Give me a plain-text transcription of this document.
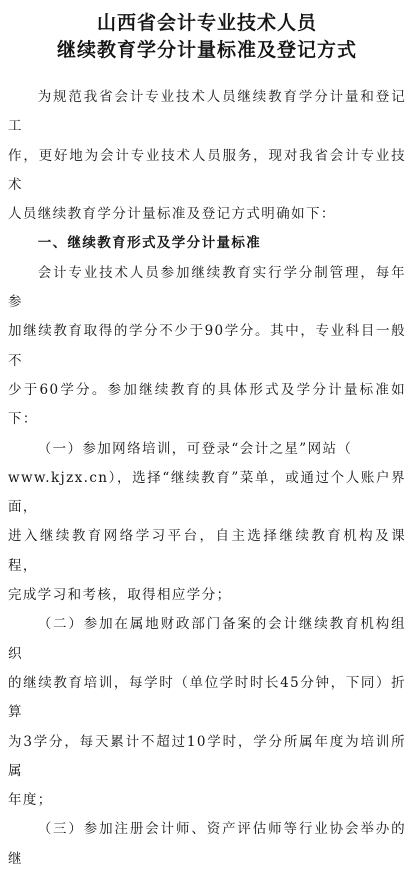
山西省会计专业技术人员
继续教育学分计量标准及登记方式

为规范我省会计专业技术人员继续教育学分计量和登记工

作，更好地为会计专业技术人员服务，现对我省会计专业技术

人员继续教育学分计量标准及登记方式明确如下：

一、继续教育形式及学分计量标准

会计专业技术人员参加继续教育实行学分制管理，每年参

加继续教育取得的学分不少于90学分。其中，专业科目一般不

少于60学分。参加继续教育的具体形式及学分计量标准如下：

（一）参加网络培训，可登录“会计之星”网站（

www.kjzx.cn），选择“继续教育”菜单，或通过个人账户界面，

进入继续教育网络学习平台，自主选择继续教育机构及课程，

完成学习和考核，取得相应学分；

（二）参加在属地财政部门备案的会计继续教育机构组织

的继续教育培训，每学时（单位学时时长45分钟，下同）折算

为3学分，每天累计不超过10学时，学分所属年度为培训所属

年度；

（三）参加注册会计师、资产评估师等行业协会举办的继
